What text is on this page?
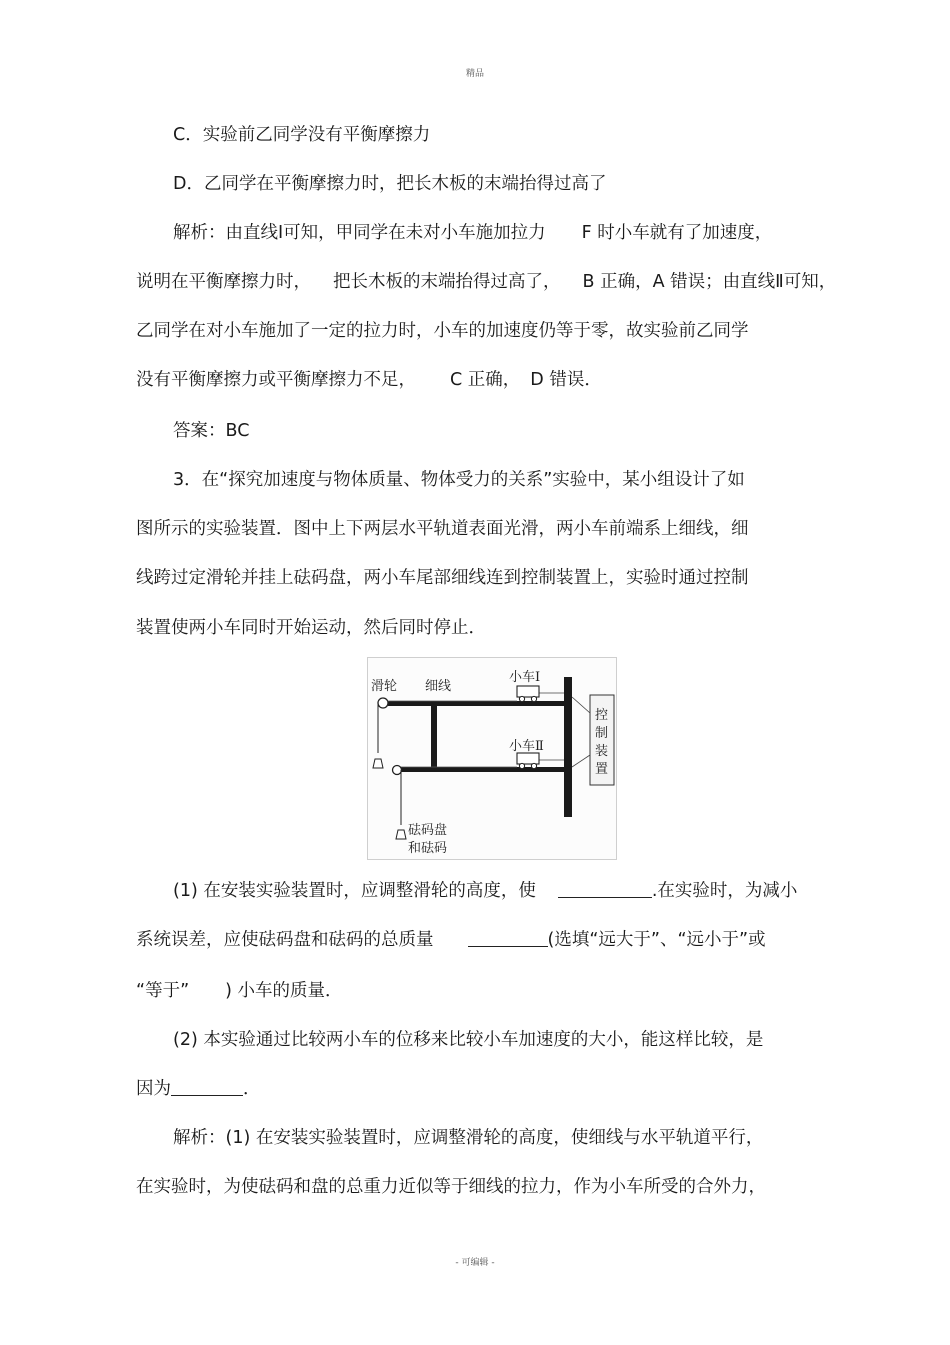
精品
C．实验前乙同学没有平衡摩擦力
D．乙同学在平衡摩擦力时，把长木板的末端抬得过高了
解析：由直线Ⅰ可知，甲同学在未对小车施加拉力 F 时小车就有了加速度，
说明在平衡摩擦力时， 把长木板的末端抬得过高了， B 正确，A 错误；由直线Ⅱ可知，
乙同学在对小车施加了一定的拉力时，小车的加速度仍等于零，故实验前乙同学
没有平衡摩擦力或平衡摩擦力不足， C 正确， D 错误．
答案：BC
3．在“探究加速度与物体质量、物体受力的关系”实验中，某小组设计了如
图所示的实验装置．图中上下两层水平轨道表面光滑，两小车前端系上细线，细
线跨过定滑轮并挂上砝码盘，两小车尾部细线连到控制装置上，实验时通过控制
装置使两小车同时开始运动，然后同时停止．
滑轮 细线
小车Ⅰ
小车Ⅱ
控
制
装
置
砝码盘
和砝码
(1) 在安装实验装置时，应调整滑轮的高度，使	.在实验时，为减小
系统误差，应使砝码盘和砝码的总质量	(选填“远大于”、“远小于”或
“等于” ) 小车的质量．
(2) 本实验通过比较两小车的位移来比较小车加速度的大小，能这样比较，是
因为	．
解析：(1) 在安装实验装置时，应调整滑轮的高度，使细线与水平轨道平行，
在实验时，为使砝码和盘的总重力近似等于细线的拉力，作为小车所受的合外力，
- 可编辑 -
